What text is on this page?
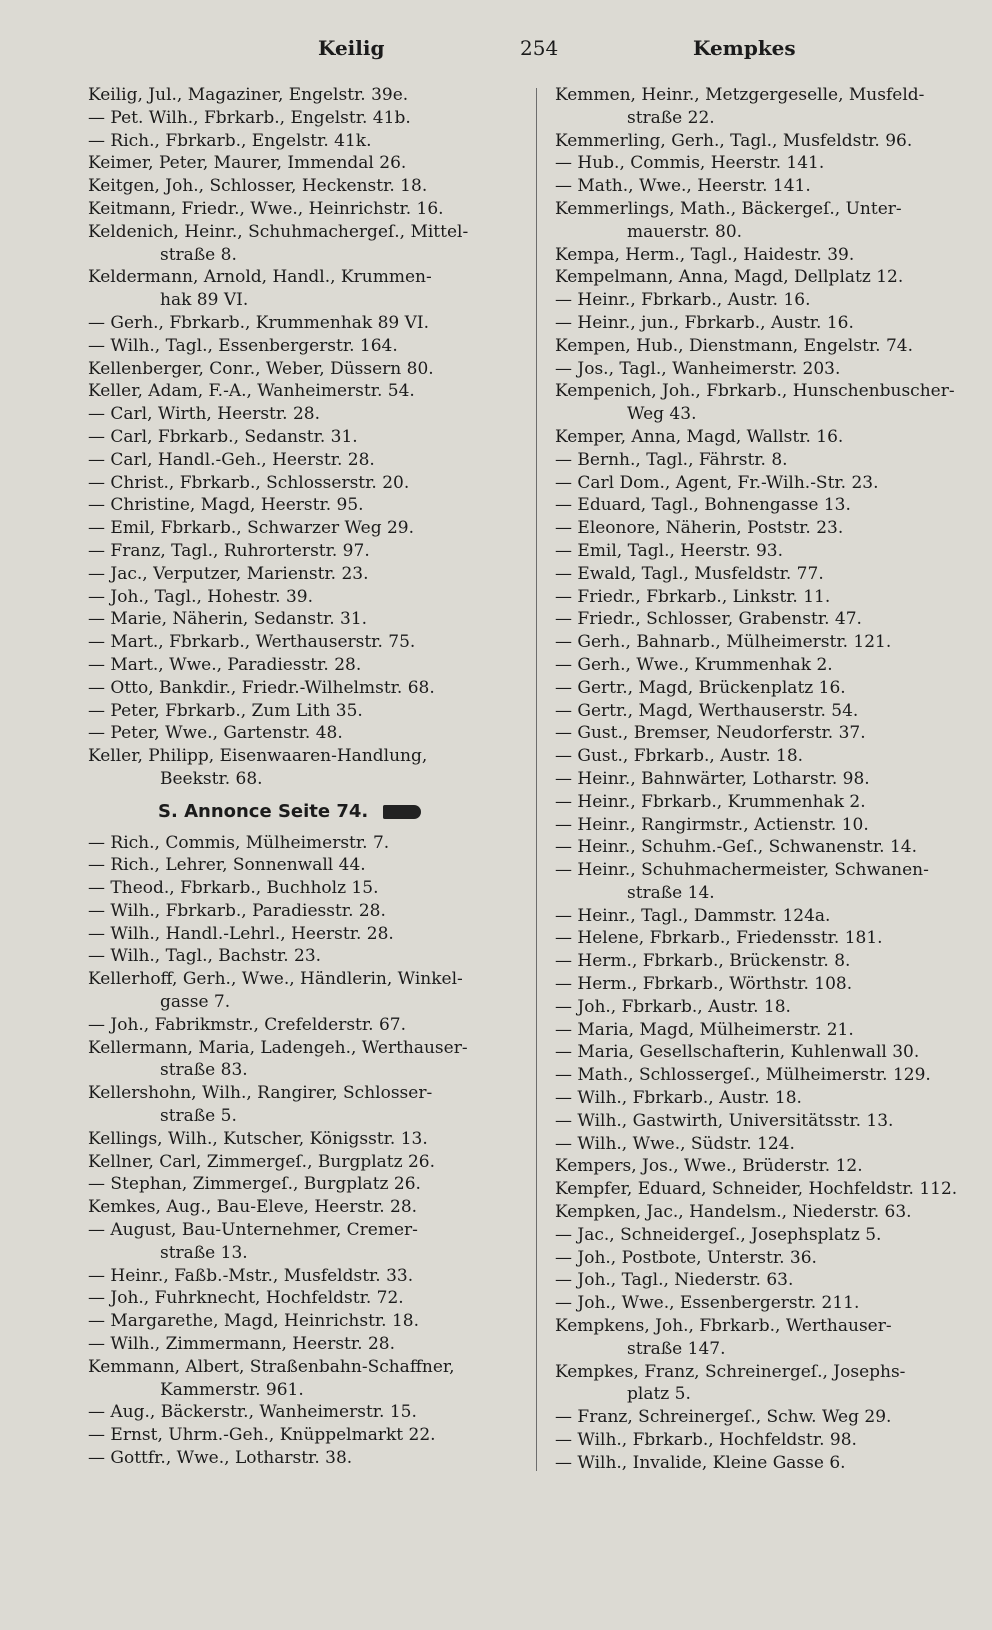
Keilig	254	Kempkes
Keilig, Jul., Magaziner, Engelstr. 39e.
— Pet. Wilh., Fbrkarb., Engelstr. 41b.
— Rich., Fbrkarb., Engelstr. 41k.
Keimer, Peter, Maurer, Immendal 26.
Keitgen, Joh., Schlosser, Heckenstr. 18.
Keitmann, Friedr., Wwe., Heinrichstr. 16.
Keldenich, Heinr., Schuhmachergeſ., Mittel-
straße 8.
Keldermann, Arnold, Handl., Krummen-
hak 89 VI.
— Gerh., Fbrkarb., Krummenhak 89 VI.
— Wilh., Tagl., Essenbergerstr. 164.
Kellenberger, Conr., Weber, Düssern 80.
Keller, Adam, F.-A., Wanheimerstr. 54.
— Carl, Wirth, Heerstr. 28.
— Carl, Fbrkarb., Sedanstr. 31.
— Carl, Handl.-Geh., Heerstr. 28.
— Christ., Fbrkarb., Schlosserstr. 20.
— Christine, Magd, Heerstr. 95.
— Emil, Fbrkarb., Schwarzer Weg 29.
— Franz, Tagl., Ruhrorterstr. 97.
— Jac., Verputzer, Marienstr. 23.
— Joh., Tagl., Hohestr. 39.
— Marie, Näherin, Sedanstr. 31.
— Mart., Fbrkarb., Werthauserstr. 75.
— Mart., Wwe., Paradiesstr. 28.
— Otto, Bankdir., Friedr.-Wilhelmstr. 68.
— Peter, Fbrkarb., Zum Lith 35.
— Peter, Wwe., Gartenstr. 48.
Keller, Philipp, Eisenwaaren-Handlung,
Beekstr. 68.
S. Annonce Seite 74.
— Rich., Commis, Mülheimerstr. 7.
— Rich., Lehrer, Sonnenwall 44.
— Theod., Fbrkarb., Buchholz 15.
— Wilh., Fbrkarb., Paradiesstr. 28.
— Wilh., Handl.-Lehrl., Heerstr. 28.
— Wilh., Tagl., Bachstr. 23.
Kellerhoff, Gerh., Wwe., Händlerin, Winkel-
gasse 7.
— Joh., Fabrikmstr., Crefelderstr. 67.
Kellermann, Maria, Ladengeh., Werthauser-
straße 83.
Kellershohn, Wilh., Rangirer, Schlosser-
straße 5.
Kellings, Wilh., Kutscher, Königsstr. 13.
Kellner, Carl, Zimmergeſ., Burgplatz 26.
— Stephan, Zimmergeſ., Burgplatz 26.
Kemkes, Aug., Bau-Eleve, Heerstr. 28.
— August, Bau-Unternehmer, Cremer-
straße 13.
— Heinr., Faßb.-Mstr., Musfeldstr. 33.
— Joh., Fuhrknecht, Hochfeldstr. 72.
— Margarethe, Magd, Heinrichstr. 18.
— Wilh., Zimmermann, Heerstr. 28.
Kemmann, Albert, Straßenbahn-Schaffner,
Kammerstr. 961.
— Aug., Bäckerstr., Wanheimerstr. 15.
— Ernst, Uhrm.-Geh., Knüppelmarkt 22.
— Gottfr., Wwe., Lotharstr. 38.
Kemmen, Heinr., Metzgergeselle, Musfeld-
straße 22.
Kemmerling, Gerh., Tagl., Musfeldstr. 96.
— Hub., Commis, Heerstr. 141.
— Math., Wwe., Heerstr. 141.
Kemmerlings, Math., Bäckergeſ., Unter-
mauerstr. 80.
Kempa, Herm., Tagl., Haidestr. 39.
Kempelmann, Anna, Magd, Dellplatz 12.
— Heinr., Fbrkarb., Austr. 16.
— Heinr., jun., Fbrkarb., Austr. 16.
Kempen, Hub., Dienstmann, Engelstr. 74.
— Jos., Tagl., Wanheimerstr. 203.
Kempenich, Joh., Fbrkarb., Hunschenbuscher-
Weg 43.
Kemper, Anna, Magd, Wallstr. 16.
— Bernh., Tagl., Fährstr. 8.
— Carl Dom., Agent, Fr.-Wilh.-Str. 23.
— Eduard, Tagl., Bohnengasse 13.
— Eleonore, Näherin, Poststr. 23.
— Emil, Tagl., Heerstr. 93.
— Ewald, Tagl., Musfeldstr. 77.
— Friedr., Fbrkarb., Linkstr. 11.
— Friedr., Schlosser, Grabenstr. 47.
— Gerh., Bahnarb., Mülheimerstr. 121.
— Gerh., Wwe., Krummenhak 2.
— Gertr., Magd, Brückenplatz 16.
— Gertr., Magd, Werthauserstr. 54.
— Gust., Bremser, Neudorferstr. 37.
— Gust., Fbrkarb., Austr. 18.
— Heinr., Bahnwärter, Lotharstr. 98.
— Heinr., Fbrkarb., Krummenhak 2.
— Heinr., Rangirmstr., Actienstr. 10.
— Heinr., Schuhm.-Geſ., Schwanenstr. 14.
— Heinr., Schuhmachermeister, Schwanen-
straße 14.
— Heinr., Tagl., Dammstr. 124a.
— Helene, Fbrkarb., Friedensstr. 181.
— Herm., Fbrkarb., Brückenstr. 8.
— Herm., Fbrkarb., Wörthstr. 108.
— Joh., Fbrkarb., Austr. 18.
— Maria, Magd, Mülheimerstr. 21.
— Maria, Gesellschafterin, Kuhlenwall 30.
— Math., Schlossergeſ., Mülheimerstr. 129.
— Wilh., Fbrkarb., Austr. 18.
— Wilh., Gastwirth, Universitätsstr. 13.
— Wilh., Wwe., Südstr. 124.
Kempers, Jos., Wwe., Brüderstr. 12.
Kempfer, Eduard, Schneider, Hochfeldstr. 112.
Kempken, Jac., Handelsm., Niederstr. 63.
— Jac., Schneidergeſ., Josephsplatz 5.
— Joh., Postbote, Unterstr. 36.
— Joh., Tagl., Niederstr. 63.
— Joh., Wwe., Essenbergerstr. 211.
Kempkens, Joh., Fbrkarb., Werthauser-
straße 147.
Kempkes, Franz, Schreinergeſ., Josephs-
platz 5.
— Franz, Schreinergeſ., Schw. Weg 29.
— Wilh., Fbrkarb., Hochfeldstr. 98.
— Wilh., Invalide, Kleine Gasse 6.
